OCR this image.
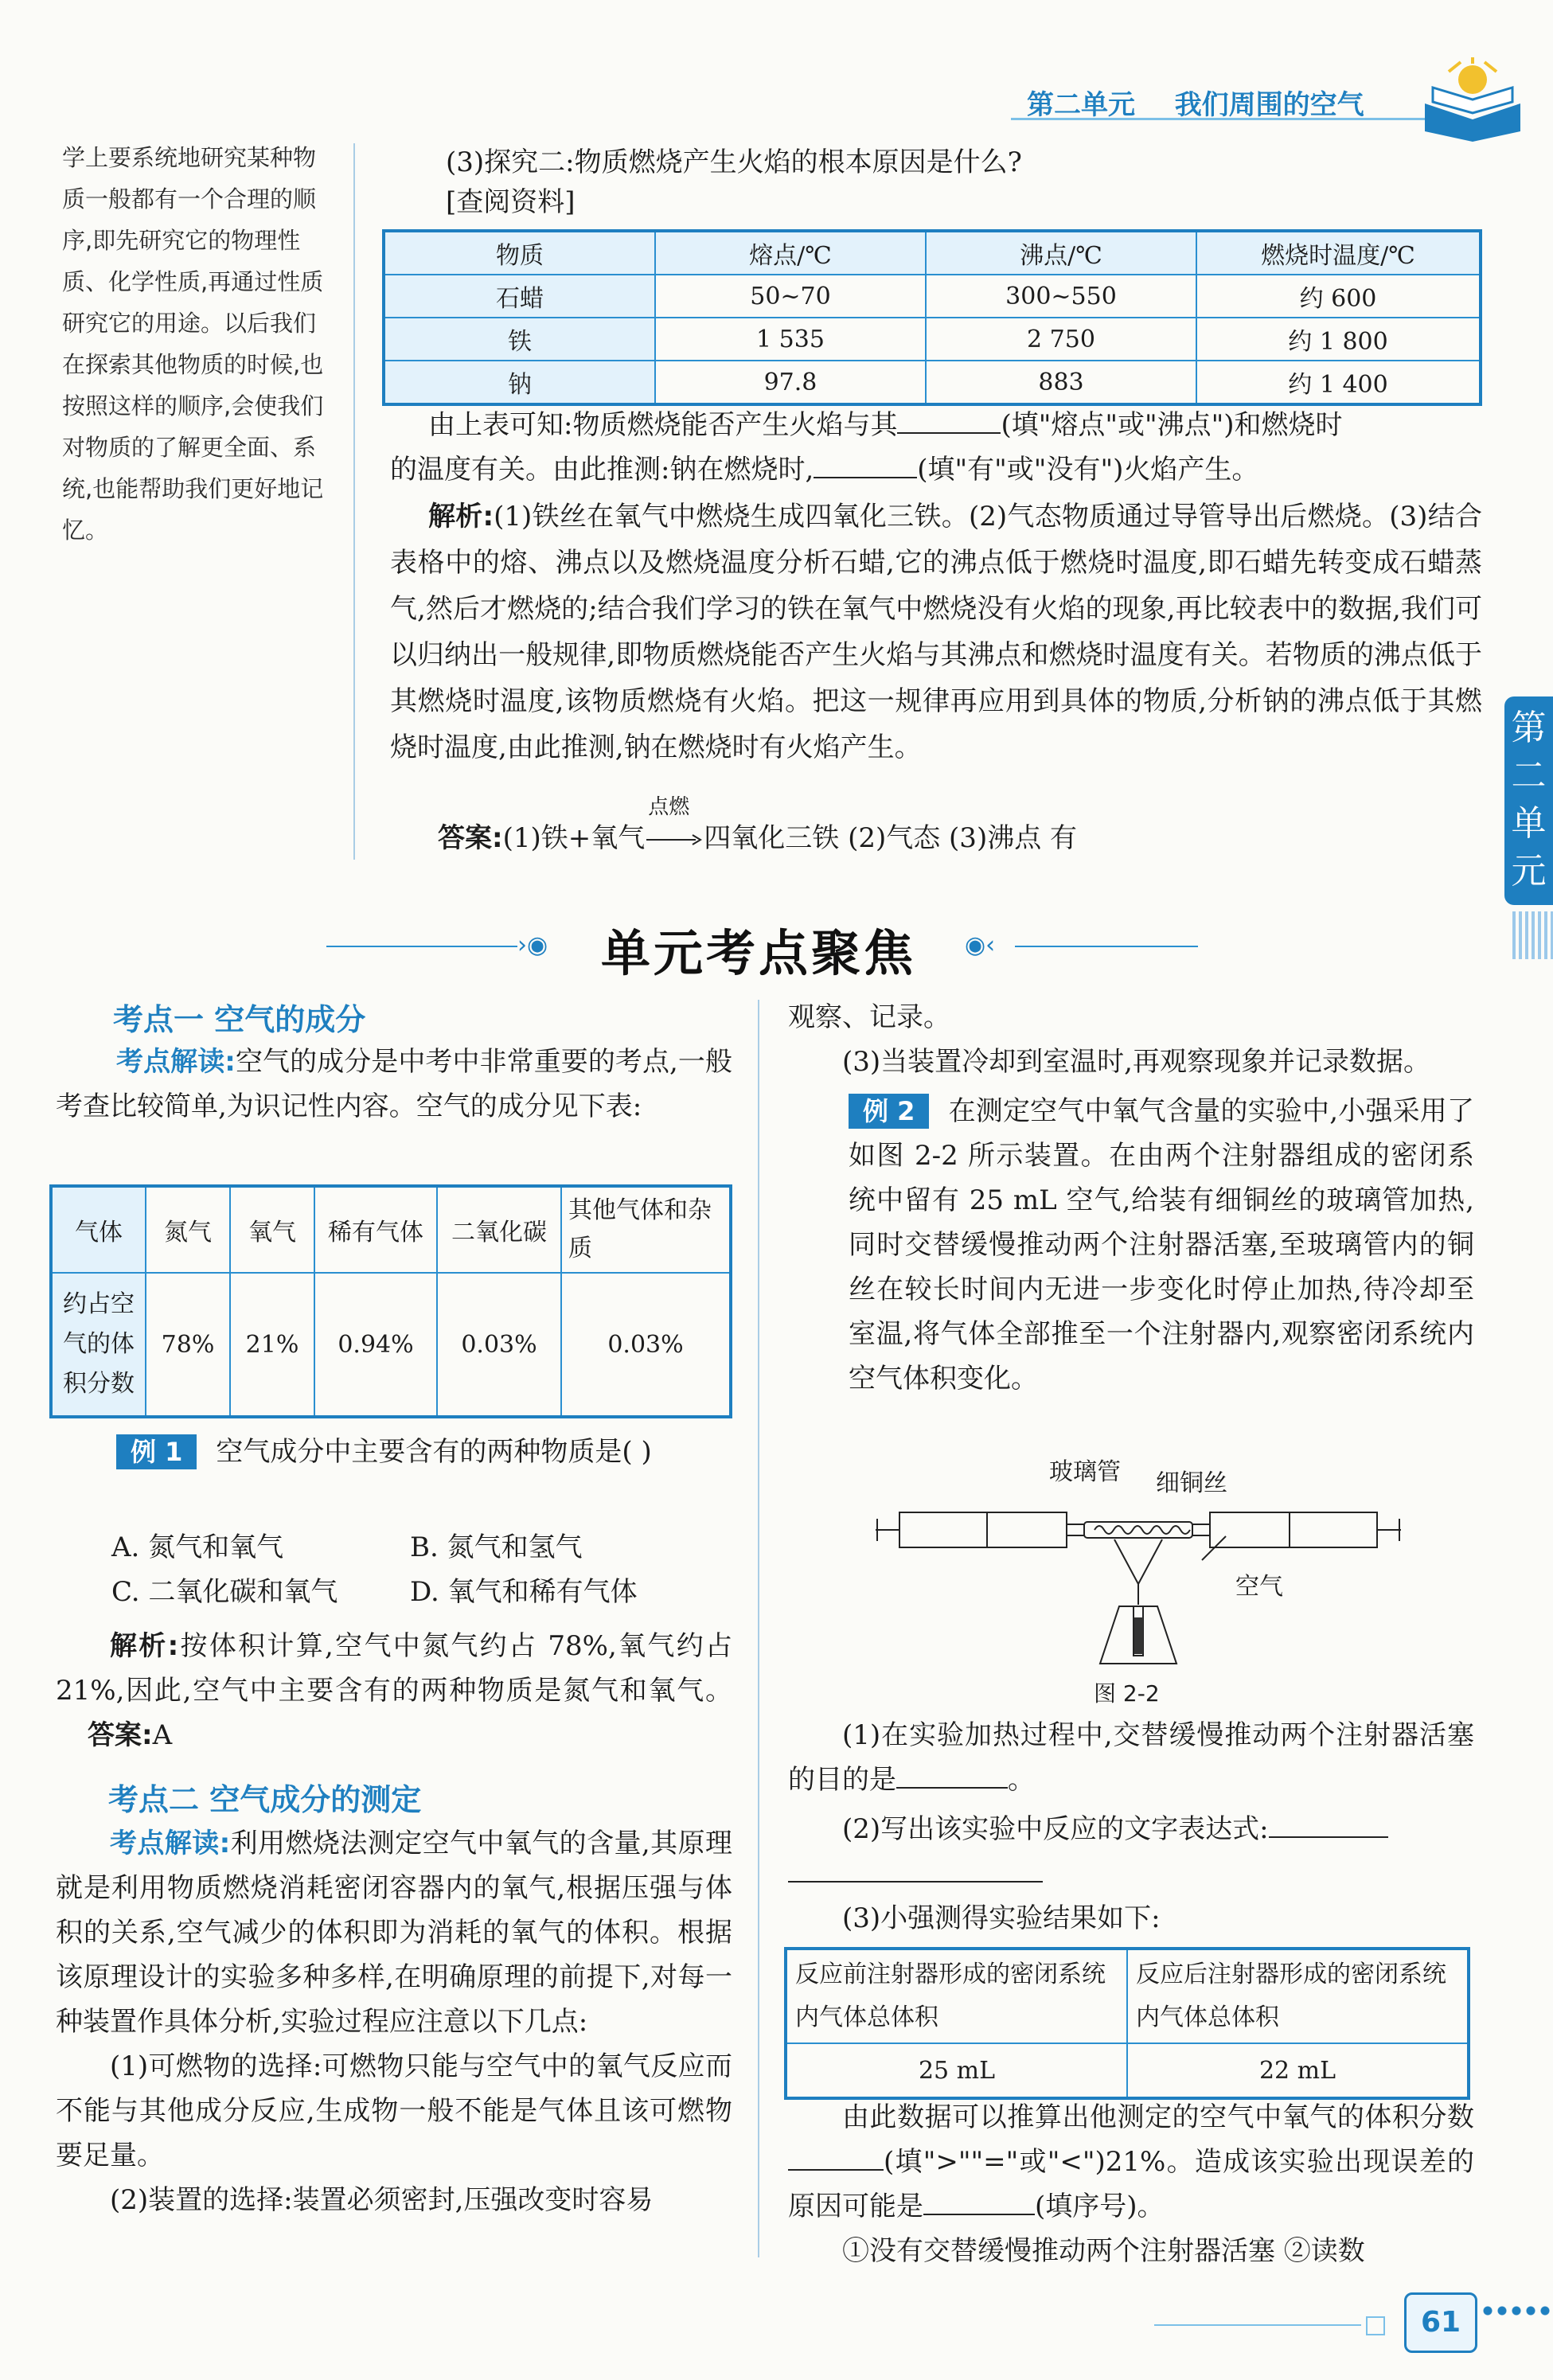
第二单元 我们周围的空气
学上要系统地研究某种物质一般都有一个合理的顺序,即先研究它的物理性质、化学性质,再通过性质研究它的用途。以后我们在探索其他物质的时候,也按照这样的顺序,会使我们对物质的了解更全面、系统,也能帮助我们更好地记忆。
(3)探究二:物质燃烧产生火焰的根本原因是什么?
[查阅资料]
物质	熔点/℃	沸点/℃	燃烧时温度/℃
石蜡	50~70	300~550	约 600
铁	1 535	2 750	约 1 800
钠	97.8	883	约 1 400

由上表可知:物质燃烧能否产生火焰与其	(填"熔点"或"沸点")和燃烧时

的温度有关。由此推测:钠在燃烧时,	(填"有"或"没有")火焰产生。

解析:(1)铁丝在氧气中燃烧生成四氧化三铁。(2)气态物质通过导管导出后燃烧。(3)结合表格中的熔、沸点以及燃烧温度分析石蜡,它的沸点低于燃烧时温度,即石蜡先转变成石蜡蒸气,然后才燃烧的;结合我们学习的铁在氧气中燃烧没有火焰的现象,再比较表中的数据,我们可以归纳出一般规律,即物质燃烧能否产生火焰与其沸点和燃烧时温度有关。若物质的沸点低于其燃烧时温度,该物质燃烧有火焰。把这一规律再应用到具体的物质,分析钠的沸点低于其燃烧时温度,由此推测,钠在燃烧时有火焰产生。

答案:(1)铁+氧气
点燃
四氧化三铁 (2)气态 (3)沸点 有
第
二
单
元
›◉ 单元考点聚焦 ◉‹
考点一 空气的成分

考点解读:空气的成分是中考中非常重要的考点,一般考查比较简单,为识记性内容。空气的成分见下表:

气体	氮气	氧气	稀有气体	二氧化碳	其他气体和杂质
约占空气的体积分数	78%	21%	0.94%	0.03%	0.03%

例 1 空气成分中主要含有的两种物质是( )

A. 氮气和氧气	B. 氮气和氢气
C. 二氧化碳和氧气	D. 氧气和稀有气体

解析:按体积计算,空气中氮气约占 78%,氧气约占 21%,因此,空气中主要含有的两种物质是氮气和氧气。答案:A

考点二 空气成分的测定

考点解读:利用燃烧法测定空气中氧气的含量,其原理就是利用物质燃烧消耗密闭容器内的氧气,根据压强与体积的关系,空气减少的体积即为消耗的氧气的体积。根据该原理设计的实验多种多样,在明确原理的前提下,对每一种装置作具体分析,实验过程应注意以下几点:

(1)可燃物的选择:可燃物只能与空气中的氧气反应而不能与其他成分反应,生成物一般不能是气体且该可燃物要足量。

(2)装置的选择:装置必须密封,压强改变时容易

观察、记录。

(3)当装置冷却到室温时,再观察现象并记录数据。

例 2 在测定空气中氧气含量的实验中,小强采用了如图 2-2 所示装置。在由两个注射器组成的密闭系统中留有 25 mL 空气,给装有细铜丝的玻璃管加热,同时交替缓慢推动两个注射器活塞,至玻璃管内的铜丝在较长时间内无进一步变化时停止加热,待冷却至室温,将气体全部推至一个注射器内,观察密闭系统内空气体积变化。

玻璃管 细铜丝
空气
图 2-2

(1)在实验加热过程中,交替缓慢推动两个注射器活塞的目的是	。

(2)写出该实验中反应的文字表达式:

(3)小强测得实验结果如下:

反应前注射器形成的密闭系统内气体总体积	反应后注射器形成的密闭系统内气体总体积
25 mL	22 mL

由此数据可以推算出他测定的空气中氧气的体积分数(填">""="或"<")21%。造成该实验出现误差的原因可能是	(填序号)。

①没有交替缓慢推动两个注射器活塞 ②读数

61
